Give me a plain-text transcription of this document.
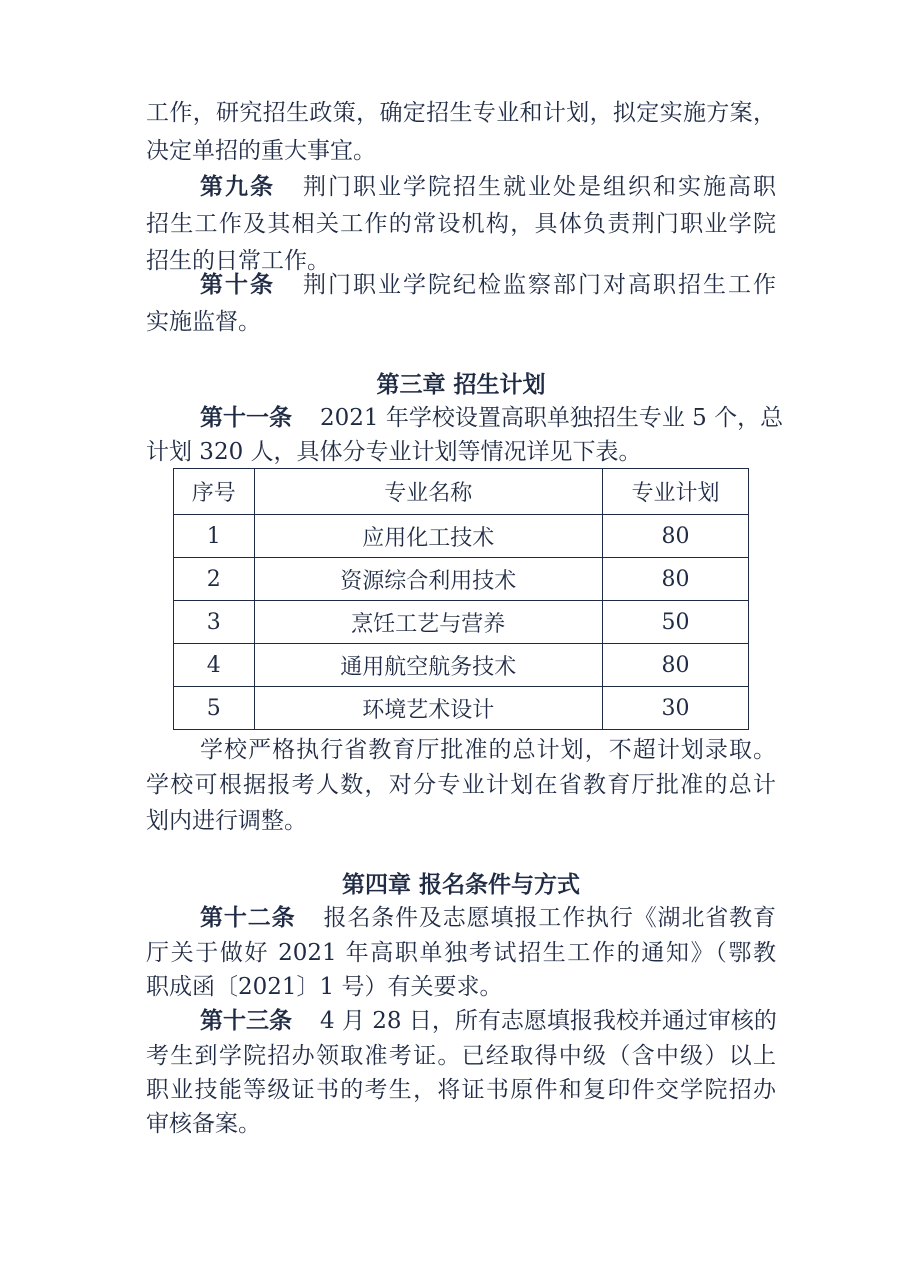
工作，研究招生政策，确定招生专业和计划，拟定实施方案，
决定单招的重大事宜。
第九条 荆门职业学院招生就业处是组织和实施高职
招生工作及其相关工作的常设机构，具体负责荆门职业学院
招生的日常工作。
第十条 荆门职业学院纪检监察部门对高职招生工作
实施监督。
第三章 招生计划
第十一条 2021 年学校设置高职单独招生专业 5 个，总
计划 320 人，具体分专业计划等情况详见下表。
序号	专业名称	专业计划
1	应用化工技术	80
2	资源综合利用技术	80
3	烹饪工艺与营养	50
4	通用航空航务技术	80
5	环境艺术设计	30
学校严格执行省教育厅批准的总计划，不超计划录取。
学校可根据报考人数，对分专业计划在省教育厅批准的总计
划内进行调整。
第四章 报名条件与方式
第十二条 报名条件及志愿填报工作执行《湖北省教育
厅关于做好 2021 年高职单独考试招生工作的通知》（鄂教
职成函〔2021〕1 号）有关要求。
第十三条 4 月 28 日，所有志愿填报我校并通过审核的
考生到学院招办领取准考证。已经取得中级（含中级）以上
职业技能等级证书的考生，将证书原件和复印件交学院招办
审核备案。
